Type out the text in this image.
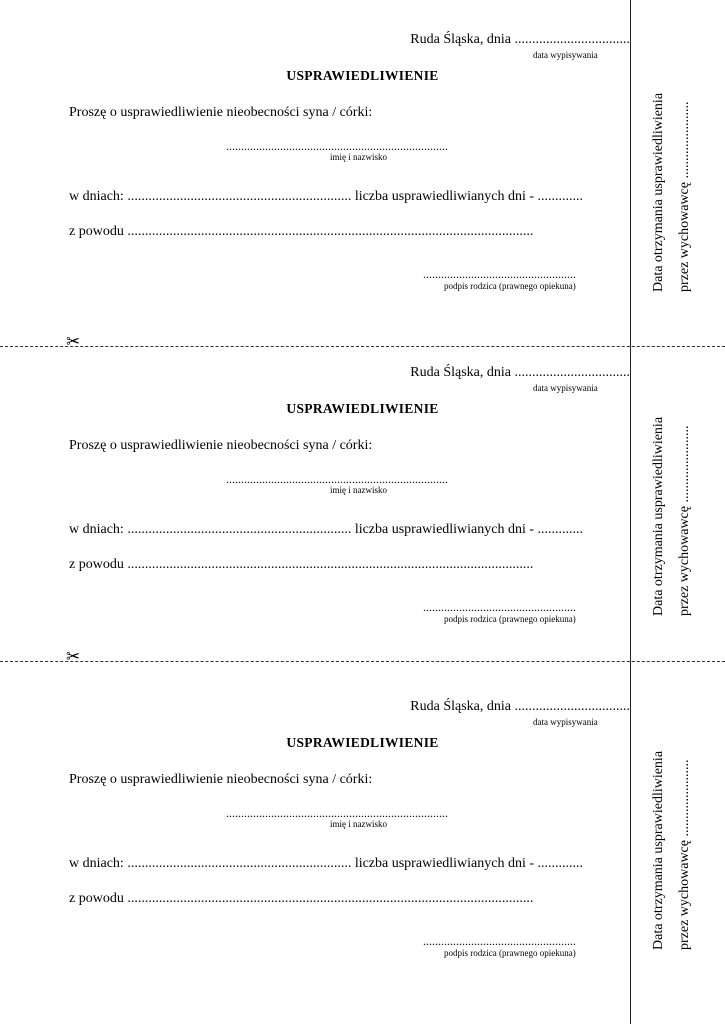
Ruda Śląska, dnia .................................
data wypisywania
USPRAWIEDLIWIENIE
Proszę o usprawiedliwienie nieobecności syna / córki:
..........................................................................
imię i nazwisko
w dniach: ................................................................ liczba usprawiedliwianych dni - .............
z powodu ....................................................................................................................
...................................................
podpis rodzica (prawnego opiekuna)	Data otrzymania usprawiedliwienia przez wychowawcę ......................
✂
Ruda Śląska, dnia .................................
data wypisywania
USPRAWIEDLIWIENIE
Proszę o usprawiedliwienie nieobecności syna / córki:
..........................................................................
imię i nazwisko
w dniach: ................................................................ liczba usprawiedliwianych dni - .............
z powodu ....................................................................................................................
...................................................
podpis rodzica (prawnego opiekuna)
Data otrzymania usprawiedliwienia przez wychowawcę ......................
✂
Ruda Śląska, dnia .................................
data wypisywania
USPRAWIEDLIWIENIE
Proszę o usprawiedliwienie nieobecności syna / córki:
..........................................................................
imię i nazwisko
w dniach: ................................................................ liczba usprawiedliwianych dni - .............
z powodu ....................................................................................................................
...................................................
podpis rodzica (prawnego opiekuna)
Data otrzymania usprawiedliwienia przez wychowawcę ......................
